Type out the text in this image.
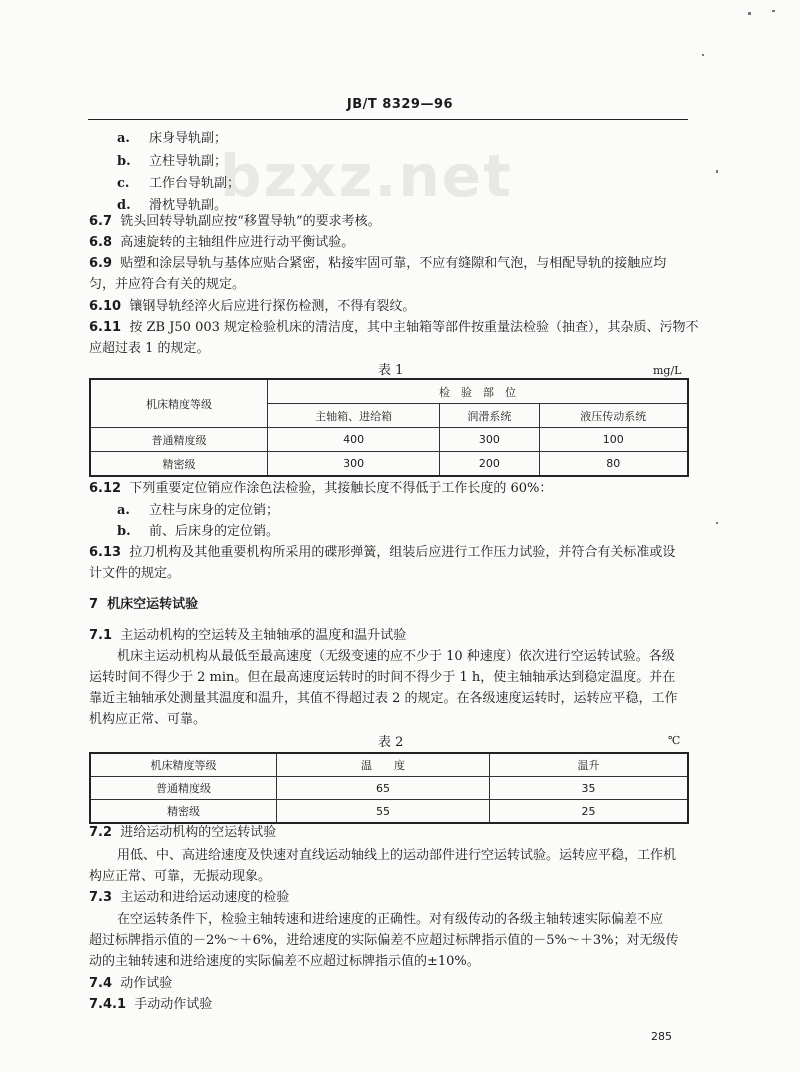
JB/T 8329—96
bzxz.net
a. 床身导轨副；
b. 立柱导轨副；
c. 工作台导轨副；
d. 滑枕导轨副。
6.7 铣头回转导轨副应按“移置导轨”的要求考核。
6.8 高速旋转的主轴组件应进行动平衡试验。
6.9 贴塑和涂层导轨与基体应贴合紧密，粘接牢固可靠，不应有缝隙和气泡，与相配导轨的接触应均
匀，并应符合有关的规定。
6.10 镶钢导轨经淬火后应进行探伤检测，不得有裂纹。
6.11 按 ZB J50 003 规定检验机床的清洁度，其中主轴箱等部件按重量法检验（抽查），其杂质、污物不
应超过表 1 的规定。
表 1	mg/L
机床精度等级	检　验　部　位		
	主轴箱、进给箱	润滑系统	液压传动系统
普通精度级	400	300	100
精密级	300	200	80
6.12 下列重要定位销应作涂色法检验，其接触长度不得低于工作长度的 60%：
a. 立柱与床身的定位销；
b. 前、后床身的定位销。
6.13 拉刀机构及其他重要机构所采用的碟形弹簧，组装后应进行工作压力试验，并符合有关标准或设
计文件的规定。
7 机床空运转试验
7.1 主运动机构的空运转及主轴轴承的温度和温升试验
机床主运动机构从最低至最高速度（无级变速的应不少于 10 种速度）依次进行空运转试验。各级
运转时间不得少于 2 min。但在最高速度运转时的时间不得少于 1 h，使主轴轴承达到稳定温度。并在
靠近主轴轴承处测量其温度和温升，其值不得超过表 2 的规定。在各级速度运转时，运转应平稳，工作
机构应正常、可靠。
表 2	℃
机床精度等级	温　　度	温升
普通精度级	65	35
精密级	55	25
7.2 进给运动机构的空运转试验
用低、中、高进给速度及快速对直线运动轴线上的运动部件进行空运转试验。运转应平稳，工作机
构应正常、可靠，无振动现象。
7.3 主运动和进给运动速度的检验
在空运转条件下，检验主轴转速和进给速度的正确性。对有级传动的各级主轴转速实际偏差不应
超过标牌指示值的－2%～＋6%，进给速度的实际偏差不应超过标牌指示值的－5%～＋3%；对无级传
动的主轴转速和进给速度的实际偏差不应超过标牌指示值的±10%。
7.4 动作试验
7.4.1 手动动作试验
285
